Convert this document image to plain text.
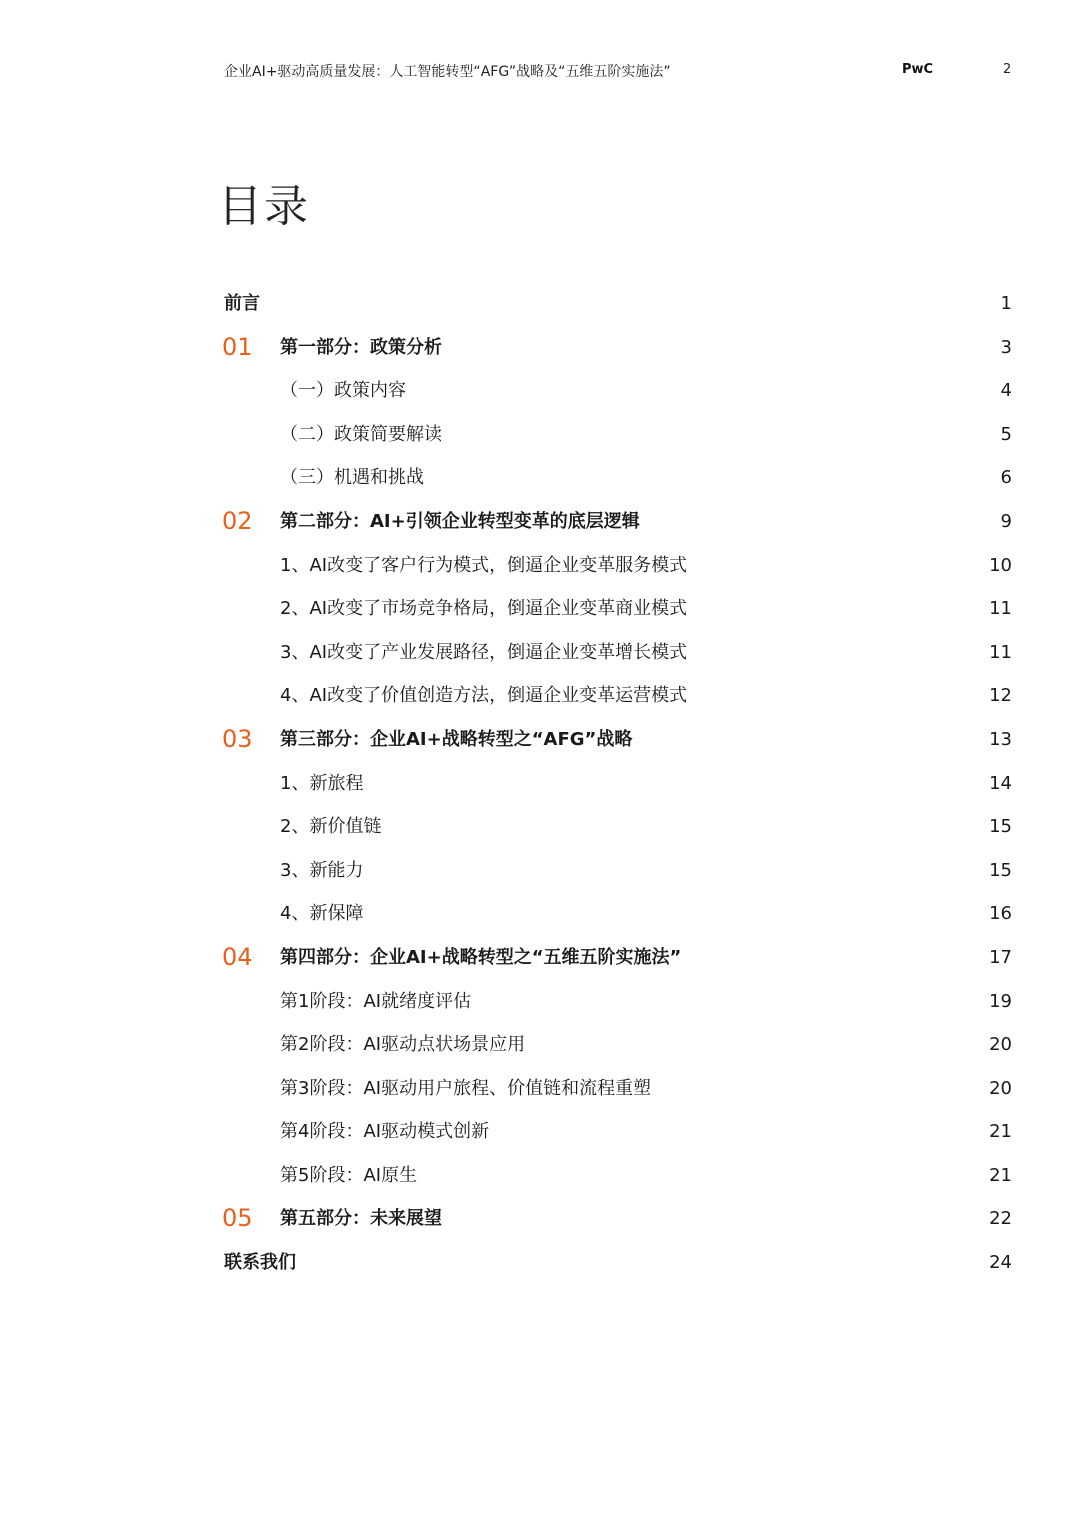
企业AI+驱动高质量发展：人工智能转型“AFG”战略及“五维五阶实施法”	PwC	2
目录
前言	1
01 第一部分：政策分析	3
（一）政策内容	4
（二）政策简要解读	5
（三）机遇和挑战	6
02 第二部分：AI+引领企业转型变革的底层逻辑	9
1、AI改变了客户行为模式，倒逼企业变革服务模式	10
2、AI改变了市场竞争格局，倒逼企业变革商业模式	11
3、AI改变了产业发展路径，倒逼企业变革增长模式	11
4、AI改变了价值创造方法，倒逼企业变革运营模式	12
03 第三部分：企业AI+战略转型之“AFG”战略	13
1、新旅程	14
2、新价值链	15
3、新能力	15
4、新保障	16
04 第四部分：企业AI+战略转型之“五维五阶实施法”	17
第1阶段：AI就绪度评估	19
第2阶段：AI驱动点状场景应用	20
第3阶段：AI驱动用户旅程、价值链和流程重塑	20
第4阶段：AI驱动模式创新	21
第5阶段：AI原生	21
05 第五部分：未来展望	22
联系我们	24
